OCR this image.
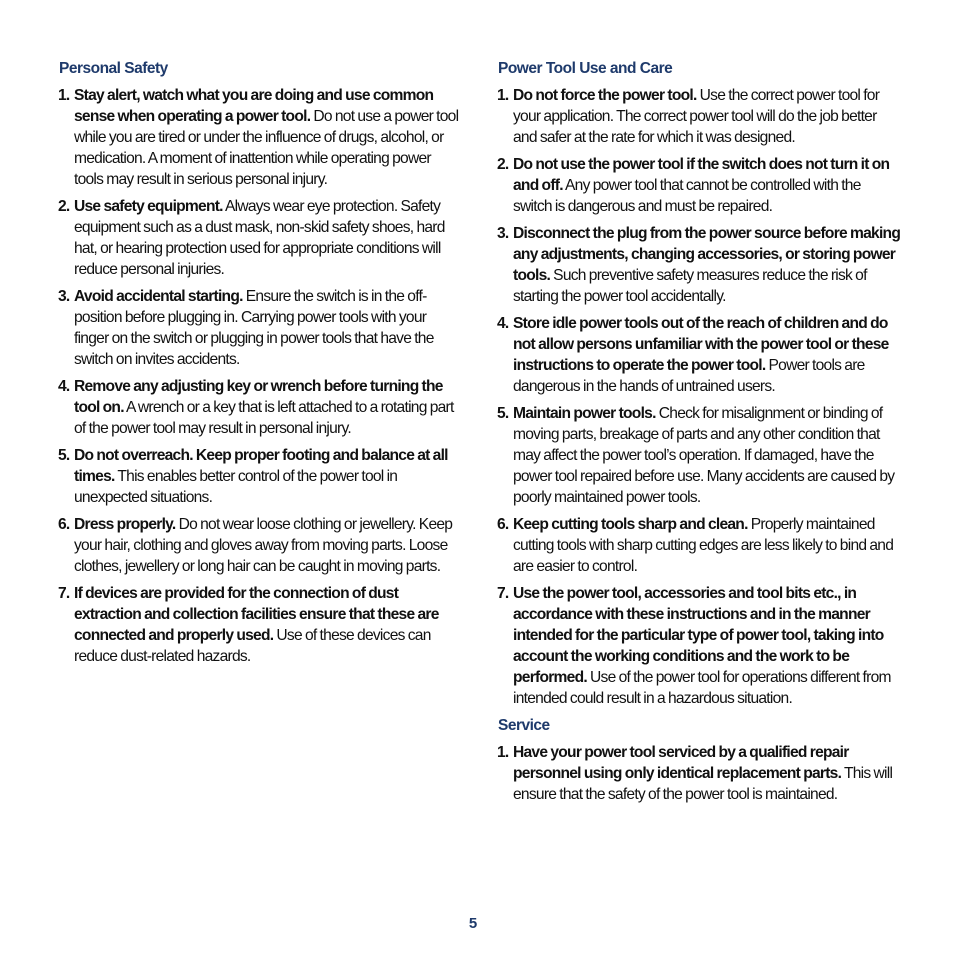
Personal Safety
1. Stay alert, watch what you are doing and use common sense when operating a power tool. Do not use a power tool while you are tired or under the influence of drugs, alcohol, or medication. A moment of inattention while operating power tools may result in serious personal injury.
2. Use safety equipment. Always wear eye protection. Safety equipment such as a dust mask, non-skid safety shoes, hard hat, or hearing protection used for appropriate conditions will reduce personal injuries.
3. Avoid accidental starting. Ensure the switch is in the off-position before plugging in. Carrying power tools with your finger on the switch or plugging in power tools that have the switch on invites accidents.
4. Remove any adjusting key or wrench before turning the tool on. A wrench or a key that is left attached to a rotating part of the power tool may result in personal injury.
5. Do not overreach. Keep proper footing and balance at all times. This enables better control of the power tool in unexpected situations.
6. Dress properly. Do not wear loose clothing or jewellery. Keep your hair, clothing and gloves away from moving parts. Loose clothes, jewellery or long hair can be caught in moving parts.
7. If devices are provided for the connection of dust extraction and collection facilities ensure that these are connected and properly used. Use of these devices can reduce dust-related hazards.
Power Tool Use and Care
1. Do not force the power tool. Use the correct power tool for your application. The correct power tool will do the job better and safer at the rate for which it was designed.
2. Do not use the power tool if the switch does not turn it on and off. Any power tool that cannot be controlled with the switch is dangerous and must be repaired.
3. Disconnect the plug from the power source before making any adjustments, changing accessories, or storing power tools. Such preventive safety measures reduce the risk of starting the power tool accidentally.
4. Store idle power tools out of the reach of children and do not allow persons unfamiliar with the power tool or these instructions to operate the power tool. Power tools are dangerous in the hands of untrained users.
5. Maintain power tools. Check for misalignment or binding of moving parts, breakage of parts and any other condition that may affect the power tool’s operation. If damaged, have the power tool repaired before use. Many accidents are caused by poorly maintained power tools.
6. Keep cutting tools sharp and clean. Properly maintained cutting tools with sharp cutting edges are less likely to bind and are easier to control.
7. Use the power tool, accessories and tool bits etc., in accordance with these instructions and in the manner intended for the particular type of power tool, taking into account the working conditions and the work to be performed. Use of the power tool for operations different from intended could result in a hazardous situation.
Service
1. Have your power tool serviced by a qualified repair personnel using only identical replacement parts. This will ensure that the safety of the power tool is maintained.
5
